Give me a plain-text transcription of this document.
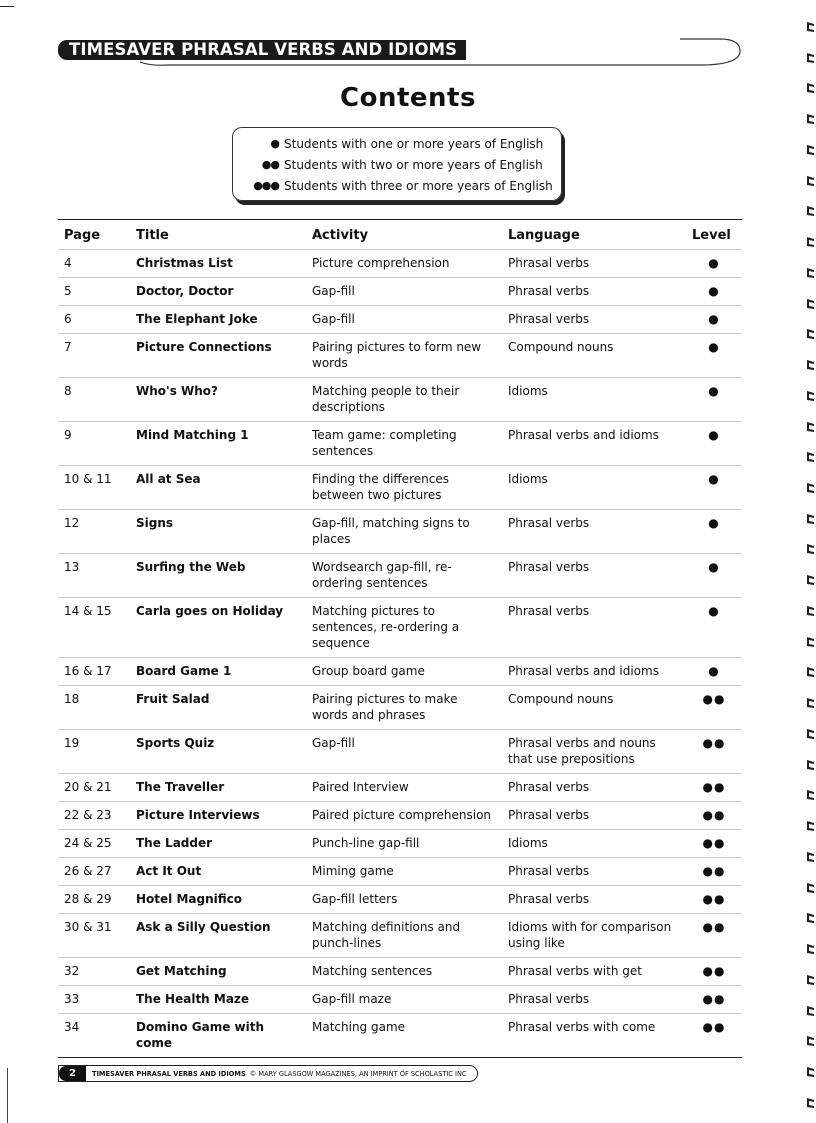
TIMESAVER PHRASAL VERBS AND IDIOMS
Contents
● Students with one or more years of English
●● Students with two or more years of English
●●● Students with three or more years of English
Page	Title	Activity	Language	Level
4	Christmas List	Picture comprehension	Phrasal verbs	●
5	Doctor, Doctor	Gap-fill	Phrasal verbs	●
6	The Elephant Joke	Gap-fill	Phrasal verbs	●
7	Picture Connections	Pairing pictures to form new words	Compound nouns	●
8	Who's Who?	Matching people to their descriptions	Idioms	●
9	Mind Matching 1	Team game: completing sentences	Phrasal verbs and idioms	●
10 & 11	All at Sea	Finding the differences between two pictures	Idioms	●
12	Signs	Gap-fill, matching signs to places	Phrasal verbs	●
13	Surfing the Web	Wordsearch gap-fill, re-ordering sentences	Phrasal verbs	●
14 & 15	Carla goes on Holiday	Matching pictures to sentences, re-ordering a sequence	Phrasal verbs	●
16 & 17	Board Game 1	Group board game	Phrasal verbs and idioms	●
18	Fruit Salad	Pairing pictures to make words and phrases	Compound nouns	●●
19	Sports Quiz	Gap-fill	Phrasal verbs and nouns that use prepositions	●●
20 & 21	The Traveller	Paired Interview	Phrasal verbs	●●
22 & 23	Picture Interviews	Paired picture comprehension	Phrasal verbs	●●
24 & 25	The Ladder	Punch-line gap-fill	Idioms	●●
26 & 27	Act It Out	Miming game	Phrasal verbs	●●
28 & 29	Hotel Magnifico	Gap-fill letters	Phrasal verbs	●●
30 & 31	Ask a Silly Question	Matching definitions and punch-lines	Idioms with for comparison using like	●●
32	Get Matching	Matching sentences	Phrasal verbs with get	●●
33	The Health Maze	Gap-fill maze	Phrasal verbs	●●
34	Domino Game with come	Matching game	Phrasal verbs with come	●●
2	TIMESAVER PHRASAL VERBS AND IDIOMS © MARY GLASGOW MAGAZINES, AN IMPRINT OF SCHOLASTIC INC
